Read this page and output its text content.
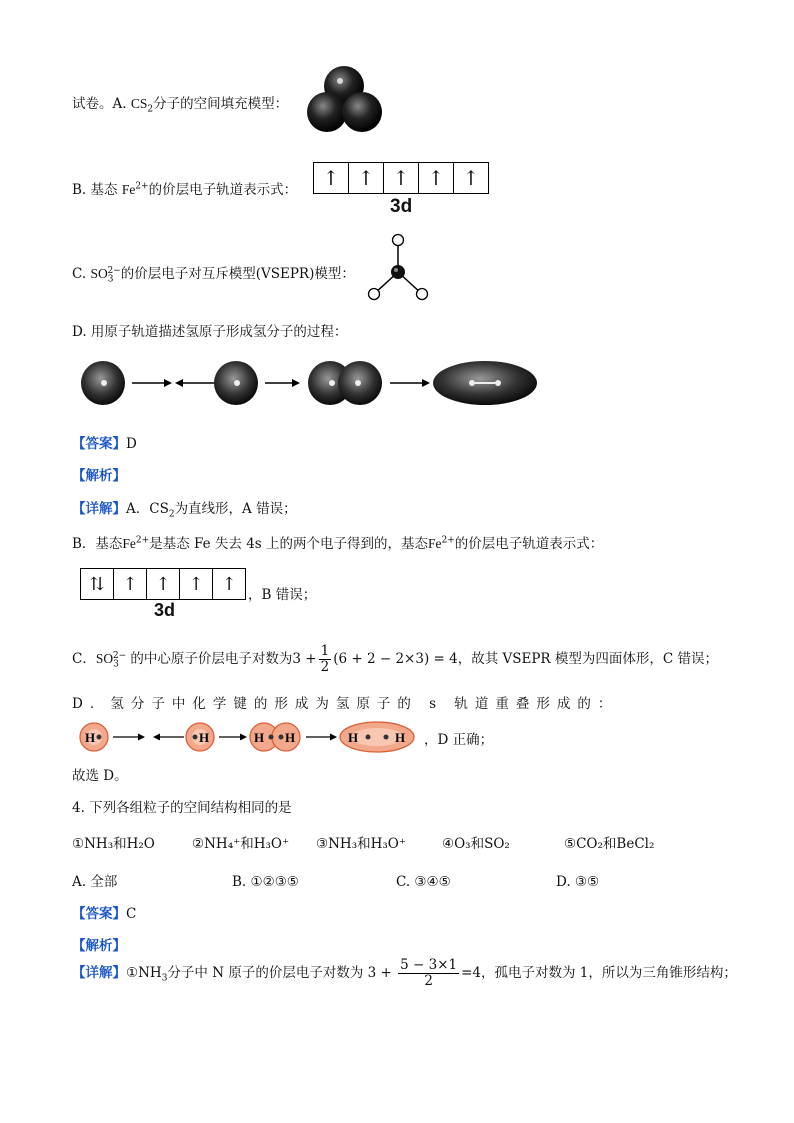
试卷。A. $CS_2$分子的空间填充模型：
B. 基态 $Fe^{2+}$的价层电子轨道表示式： ↑ ↑ ↑ ↑ ↑
3d
C. $SO_3^{2-}$的价层电子对互斥模型(VSEPR)模型：
D. 用原子轨道描述氢原子形成氢分子的过程：
【答案】D
【解析】
【详解】A．$CS_2$为直线形，A 错误；
B．基态$Fe^{2+}$是基态 Fe 失去 4s 上的两个电子得到的，基态$Fe^{2+}$的价层电子轨道表示式：
⇅ ↑ ↑ ↑ ↑
，B 错误；
3d
C．$SO_3^{2-}$ 的中心原子价层电子对数为$3 + \frac{1}{2} (6 + 2 - 2\times 3) = 4$，故其 VSEPR 模型为四面体形，C 错误；
D．氢分子中化学键的形成为氢原子的 s 轨道重叠形成的：
H	H	H H	H	H ，D 正确；
故选 D。
4. 下列各组粒子的空间结构相同的是
①NH₃和H₂O	②NH₄⁺和H₃O⁺ ③NH₃和H₃O⁺	④O₃和SO₂	⑤CO₂和BeCl₂
A. 全部	B. ①②③⑤	C. ③④⑤	D. ③⑤
【答案】C
【解析】
【详解】$①NH_3$分子中 N 原子的价层电子对数为 $3 + \frac{5 - 3\times 1}{2} =4$，孤电子对数为 1，所以为三角锥形结构；
